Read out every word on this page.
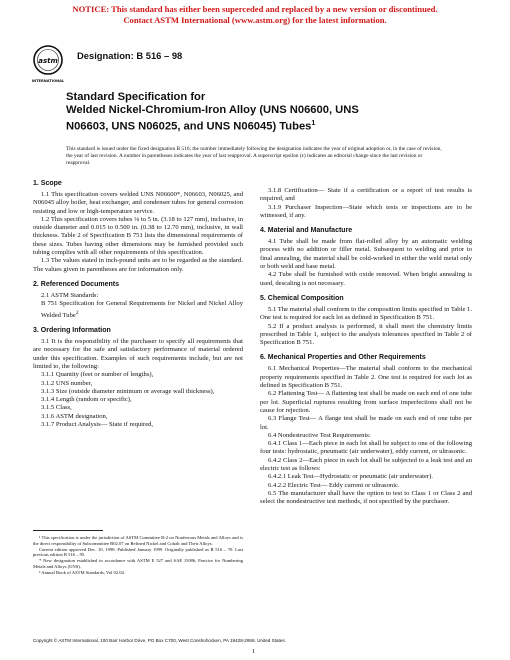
NOTICE: This standard has either been superceded and replaced by a new version or discontinued.
Contact ASTM International (www.astm.org) for the latest information.
astm
INTERNATIONAL
Designation: B 516 – 98
Standard Specification for
Welded Nickel-Chromium-Iron Alloy (UNS N06600, UNS
N06603, UNS N06025, and UNS N06045) Tubes$^1$
This standard is issued under the fixed designation B 516; the number immediately following the designation indicates the year of original adoption or, in the case of revision, the year of last revision. A number in parentheses indicates the year of last reapproval. A superscript epsilon (ε) indicates an editorial change since the last revision or reapproval.
1. Scope

1.1 This specification covers welded UNS N06600*, N06603, N06025, and N06045 alloy boiler, heat exchanger, and condenser tubes for general corrosion resisting and low or high-temperature service.

1.2 This specification covers tubes ⅛ to 5 in. (3.18 to 127 mm), inclusive, in outside diameter and 0.015 to 0.500 in. (0.38 to 12.70 mm), inclusive, in wall thickness. Table 2 of Specification B 751 lists the dimensional requirements of these sizes. Tubes having other dimensions may be furnished provided such tubing complies with all other requirements of this specification.

1.3 The values stated in inch-pound units are to be regarded as the standard. The values given in parentheses are for information only.

2. Referenced Documents

2.1 ASTM Standards:

B 751 Specification for General Requirements for Nickel and Nickel Alloy Welded Tube$^2$

3. Ordering Information

3.1 It is the responsibility of the purchaser to specify all requirements that are necessary for the safe and satisfactory performance of material ordered under this specification. Examples of such requirements include, but are not limited to, the following:

3.1.1 Quantity (feet or number of lengths),

3.1.2 UNS number,

3.1.3 Size (outside diameter minimum or average wall thickness),

3.1.4 Length (random or specific),

3.1.5 Class,

3.1.6 ASTM designation,

3.1.7 Product Analysis— State if required,

¹ This specification is under the jurisdiction of ASTM Committee B-2 on Nonferrous Metals and Alloys and is the direct responsibility of Subcommittee B02.07 on Refined Nickel and Cobalt and Their Alloys.

Current edition approved Dec. 10, 1998. Published January 1999. Originally published as B 516 – 70. Last previous edition B 516 – 95.

* New designation established in accordance with ASTM E 527 and SAE J1086, Practice for Numbering Metals and Alloys (UNS).

² Annual Book of ASTM Standards, Vol 02.04.

3.1.8 Certification— State if a certification or a report of test results is required, and

3.1.9 Purchaser Inspection—State which tests or inspections are to be witnessed, if any.

4. Material and Manufacture

4.1 Tube shall be made from flat-rolled alloy by an automatic welding process with no addition or filler metal. Subsequent to welding and prior to final annealing, the material shall be cold-worked in either the weld metal only or both weld and base metal.

4.2 Tube shall be furnished with oxide removed. When bright annealing is used, descaling is not necessary.

5. Chemical Composition

5.1 The material shall conform to the composition limits specified in Table 1. One test is required for each lot as defined in Specification B 751.

5.2 If a product analysis is performed, it shall meet the chemistry limits prescribed in Table 1, subject to the analysis tolerances specified in Table 2 of Specification B 751.

6. Mechanical Properties and Other Requirements

6.1 Mechanical Properties—The material shall conform to the mechanical property requirements specified in Table 2. One test is required for each lot as defined in Specification B 751.

6.2 Flattening Test— A flattening test shall be made on each end of one tube per lot. Superficial ruptures resulting from surface imperfections shall not be cause for rejection.

6.3 Flange Test— A flange test shall be made on each end of one tube per lot.

6.4 Nondestructive Test Requirements:

6.4.1 Class 1—Each piece in each lot shall be subject to one of the following four tests: hydrostatic, pneumatic (air underwater), eddy current, or ultrasonic.

6.4.2 Class 2—Each piece in each lot shall be subjected to a leak test and an electric test as follows:

6.4.2.1 Leak Test—Hydrostatic or pneumatic (air underwater).

6.4.2.2 Electric Test— Eddy current or ultrasonic.

6.5 The manufacturer shall have the option to test to Class 1 or Class 2 and select the nondestructive test methods, if not specified by the purchaser.

Copyright © ASTM International, 100 Barr Harbor Drive, PO Box C700, West Conshohocken, PA 19428-2959, United States.
1
